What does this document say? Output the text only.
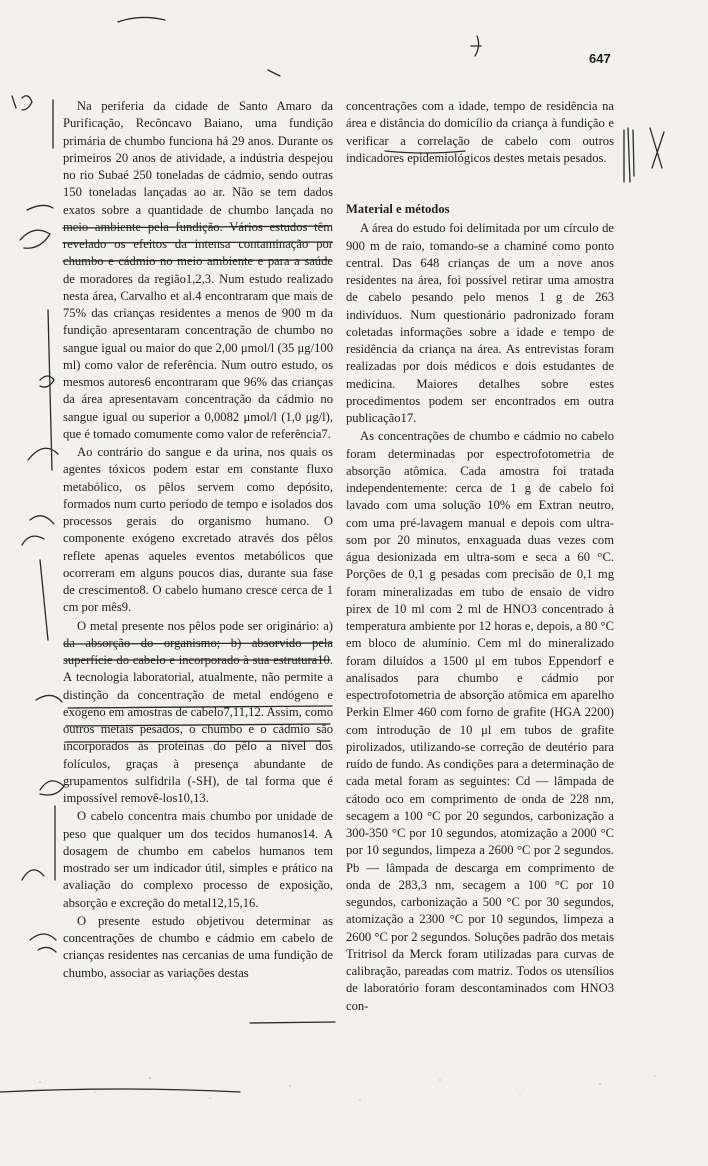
647

Na periferia da cidade de Santo Amaro da Purificação, Recôncavo Baiano, uma fundição primária de chumbo funciona há 29 anos. Durante os primeiros 20 anos de atividade, a indústria despejou no rio Subaé 250 toneladas de cádmio, sendo outras 150 toneladas lançadas ao ar. Não se tem dados exatos sobre a quantidade de chumbo lançada no meio ambiente pela fundição. Vários estudos têm revelado os efeitos da intensa contaminação por chumbo e cádmio no meio ambiente e para a saúde de moradores da região1,2,3. Num estudo realizado nesta área, Carvalho et al.4 encontraram que mais de 75% das crianças residentes a menos de 900 m da fundição apresentaram concentração de chumbo no sangue igual ou maior do que 2,00 μmol/l (35 μg/100 ml) como valor de referência. Num outro estudo, os mesmos autores6 encontraram que 96% das crianças da área apresentavam concentração da cádmio no sangue igual ou superior a 0,0082 μmol/l (1,0 μg/l), que é tomado comumente como valor de referência7.

Ao contrário do sangue e da urina, nos quais os agentes tóxicos podem estar em constante fluxo metabólico, os pêlos servem como depósito, formados num curto período de tempo e isolados dos processos gerais do organismo humano. O componente exógeno excretado através dos pêlos reflete apenas aqueles eventos metabólicos que ocorreram em alguns poucos dias, durante sua fase de crescimento8. O cabelo humano cresce cerca de 1 cm por mês9.

O metal presente nos pêlos pode ser originário: a) da absorção do organismo; b) absorvido pela superfície do cabelo e incorporado à sua estrutura10. A tecnologia laboratorial, atualmente, não permite a distinção da concentração de metal endógeno e exógeno em amostras de cabelo7,11,12. Assim, como outros metais pesados, o chumbo e o cádmio são incorporados às proteínas do pêlo a nível dos folículos, graças à presença abundante de grupamentos sulfidrila (-SH), de tal forma que é impossível removê-los10,13.

O cabelo concentra mais chumbo por unidade de peso que qualquer um dos tecidos humanos14. A dosagem de chumbo em cabelos humanos tem mostrado ser um indicador útil, simples e prático na avaliação do complexo processo de exposição, absorção e excreção do metal12,15,16.

O presente estudo objetivou determinar as concentrações de chumbo e cádmio em cabelo de crianças residentes nas cercanias de uma fundição de chumbo, associar as variações destas

concentrações com a idade, tempo de residência na área e distância do domicílio da criança à fundição e verificar a correlação de cabelo com outros indicadores epidemiológicos destes metais pesados.

Material e métodos

A área do estudo foi delimitada por um círculo de 900 m de raio, tomando-se a chaminé como ponto central. Das 648 crianças de um a nove anos residentes na área, foi possível retirar uma amostra de cabelo pesando pelo menos 1 g de 263 indivíduos. Num questionário padronizado foram coletadas informações sobre a idade e tempo de residência da criança na área. As entrevistas foram realizadas por dois médicos e dois estudantes de medicina. Maiores detalhes sobre estes procedimentos podem ser encontrados em outra publicação17.

As concentrações de chumbo e cádmio no cabelo foram determinadas por espectrofotometria de absorção atômica. Cada amostra foi tratada independentemente: cerca de 1 g de cabelo foi lavado com uma solução 10% em Extran neutro, com uma pré-lavagem manual e depois com ultra-som por 20 minutos, enxaguada duas vezes com água desionizada em ultra-som e seca a 60 °C. Porções de 0,1 g pesadas com precisão de 0,1 mg foram mineralizadas em tubo de ensaio de vidro pirex de 10 ml com 2 ml de HNO3 concentrado à temperatura ambiente por 12 horas e, depois, a 80 °C em bloco de alumínio. Cem ml do mineralizado foram diluídos a 1500 μl em tubos Eppendorf e analisados para chumbo e cádmio por espectrofotometria de absorção atômica em aparelho Perkin Elmer 460 com forno de grafite (HGA 2200) com introdução de 10 μl em tubos de grafite pirolizados, utilizando-se correção de deutério para ruído de fundo. As condições para a determinação de cada metal foram as seguintes: Cd — lâmpada de cátodo oco em comprimento de onda de 228 nm, secagem a 100 °C por 20 segundos, carbonização a 300-350 °C por 10 segundos, atomização a 2000 °C por 10 segundos, limpeza a 2600 °C por 2 segundos. Pb — lâmpada de descarga em comprimento de onda de 283,3 nm, secagem a 100 °C por 10 segundos, carbonização a 500 °C por 30 segundos, atomização a 2300 °C por 10 segundos, limpeza a 2600 °C por 2 segundos. Soluções padrão dos metais Tritrisol da Merck foram utilizadas para curvas de calibração, pareadas com matriz. Todos os utensílios de laboratório foram descontaminados com HNO3 con-
